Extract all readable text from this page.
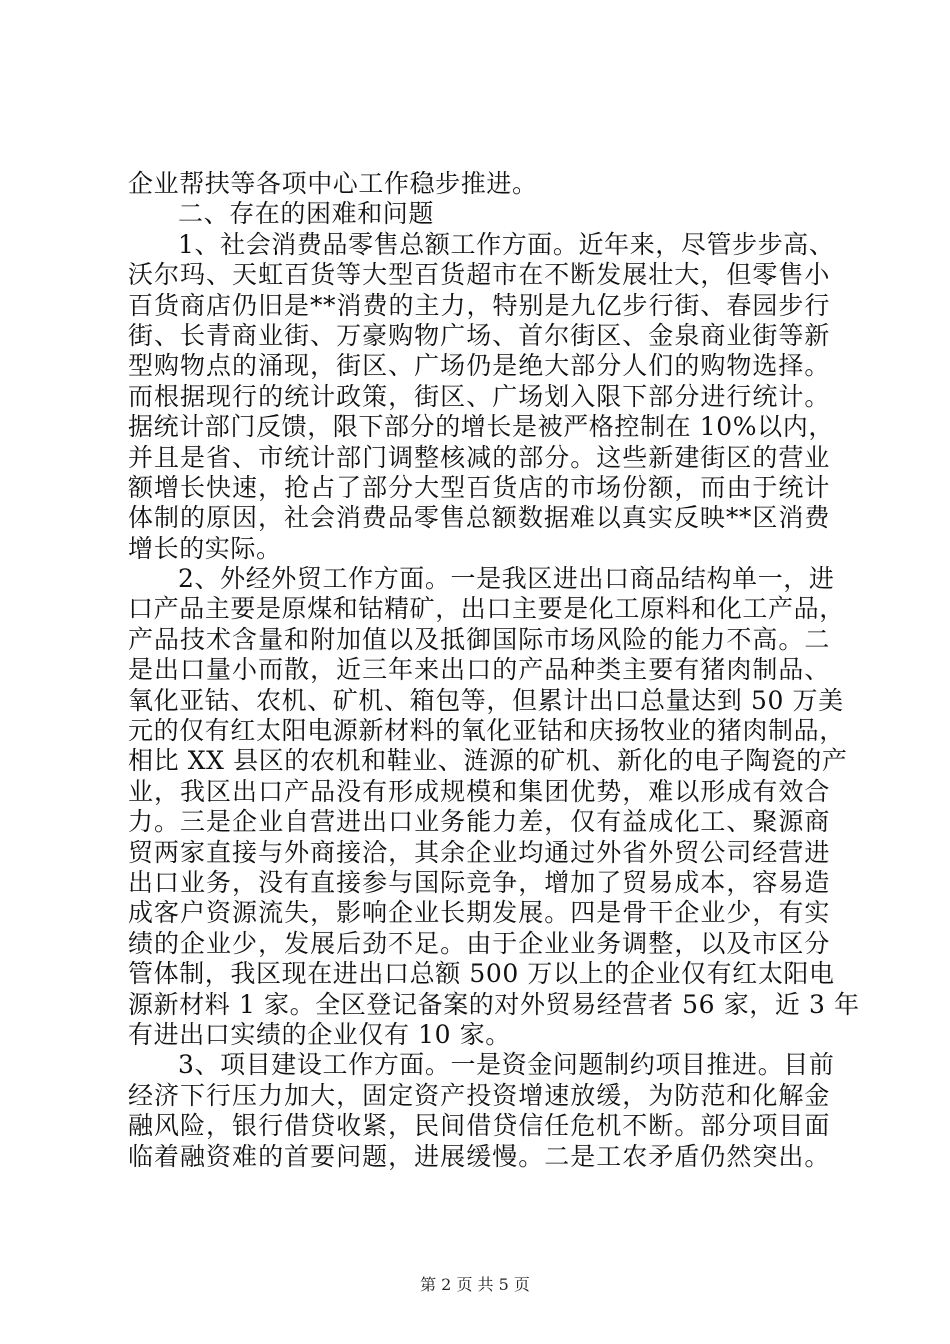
企业帮扶等各项中心工作稳步推进。
二、存在的困难和问题
1、社会消费品零售总额工作方面。近年来，尽管步步高、
沃尔玛、天虹百货等大型百货超市在不断发展壮大，但零售小
百货商店仍旧是**消费的主力，特别是九亿步行街、春园步行
街、长青商业街、万豪购物广场、首尔街区、金泉商业街等新
型购物点的涌现，街区、广场仍是绝大部分人们的购物选择。
而根据现行的统计政策，街区、广场划入限下部分进行统计。
据统计部门反馈，限下部分的增长是被严格控制在 10%以内，
并且是省、市统计部门调整核减的部分。这些新建街区的营业
额增长快速，抢占了部分大型百货店的市场份额，而由于统计
体制的原因，社会消费品零售总额数据难以真实反映**区消费
增长的实际。
2、外经外贸工作方面。一是我区进出口商品结构单一，进
口产品主要是原煤和钴精矿，出口主要是化工原料和化工产品，
产品技术含量和附加值以及抵御国际市场风险的能力不高。二
是出口量小而散，近三年来出口的产品种类主要有猪肉制品、
氧化亚钴、农机、矿机、箱包等，但累计出口总量达到 50 万美
元的仅有红太阳电源新材料的氧化亚钴和庆扬牧业的猪肉制品，
相比 XX 县区的农机和鞋业、涟源的矿机、新化的电子陶瓷的产
业，我区出口产品没有形成规模和集团优势，难以形成有效合
力。三是企业自营进出口业务能力差，仅有益成化工、聚源商
贸两家直接与外商接洽，其余企业均通过外省外贸公司经营进
出口业务，没有直接参与国际竞争，增加了贸易成本，容易造
成客户资源流失，影响企业长期发展。四是骨干企业少，有实
绩的企业少，发展后劲不足。由于企业业务调整，以及市区分
管体制，我区现在进出口总额 500 万以上的企业仅有红太阳电
源新材料 1 家。全区登记备案的对外贸易经营者 56 家，近 3 年
有进出口实绩的企业仅有 10 家。
3、项目建设工作方面。一是资金问题制约项目推进。目前
经济下行压力加大，固定资产投资增速放缓，为防范和化解金
融风险，银行借贷收紧，民间借贷信任危机不断。部分项目面
临着融资难的首要问题，进展缓慢。二是工农矛盾仍然突出。
第 2 页 共 5 页
